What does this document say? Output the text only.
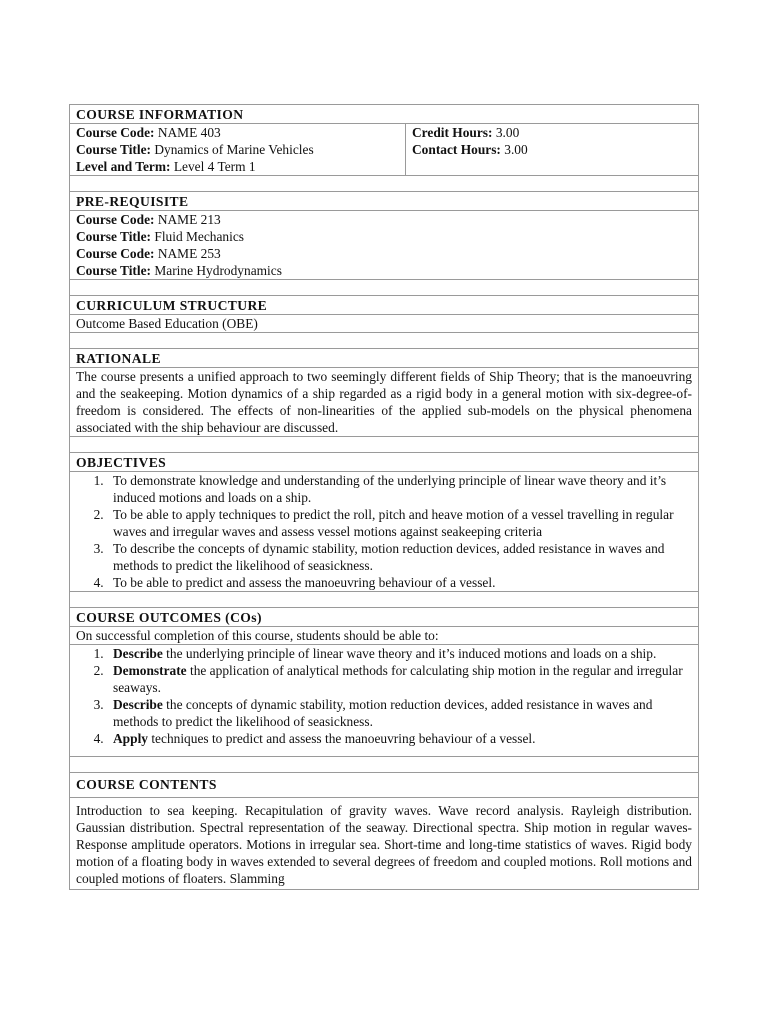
COURSE INFORMATION

Course Code: NAME 403
Course Title: Dynamics of Marine Vehicles
Level and Term: Level 4 Term 1

Credit Hours: 3.00
Contact Hours: 3.00

PRE-REQUISITE

Course Code: NAME 213
Course Title: Fluid Mechanics
Course Code: NAME 253
Course Title: Marine Hydrodynamics

CURRICULUM STRUCTURE
Outcome Based Education (OBE)

RATIONALE
The course presents a unified approach to two seemingly different fields of Ship Theory; that is the manoeuvring and the seakeeping. Motion dynamics of a ship regarded as a rigid body in a general motion with six-degree-of-freedom is considered. The effects of non-linearities of the applied sub-models on the physical phenomena associated with the ship behaviour are discussed.

OBJECTIVES

1. To demonstrate knowledge and understanding of the underlying principle of linear wave theory and it’s induced motions and loads on a ship.
2. To be able to apply techniques to predict the roll, pitch and heave motion of a vessel travelling in regular waves and irregular waves and assess vessel motions against seakeeping criteria
3. To describe the concepts of dynamic stability, motion reduction devices, added resistance in waves and methods to predict the likelihood of seasickness.
4. To be able to predict and assess the manoeuvring behaviour of a vessel.

COURSE OUTCOMES (COs)
On successful completion of this course, students should be able to:

1. Describe the underlying principle of linear wave theory and it’s induced motions and loads on a ship.
2. Demonstrate the application of analytical methods for calculating ship motion in the regular and irregular seaways.
3. Describe the concepts of dynamic stability, motion reduction devices, added resistance in waves and methods to predict the likelihood of seasickness.
4. Apply techniques to predict and assess the manoeuvring behaviour of a vessel.

COURSE CONTENTS
Introduction to sea keeping. Recapitulation of gravity waves. Wave record analysis. Rayleigh distribution. Gaussian distribution. Spectral representation of the seaway. Directional spectra. Ship motion in regular waves- Response amplitude operators. Motions in irregular sea. Short-time and long-time statistics of waves. Rigid body motion of a floating body in waves extended to several degrees of freedom and coupled motions. Roll motions and coupled motions of floaters. Slamming
